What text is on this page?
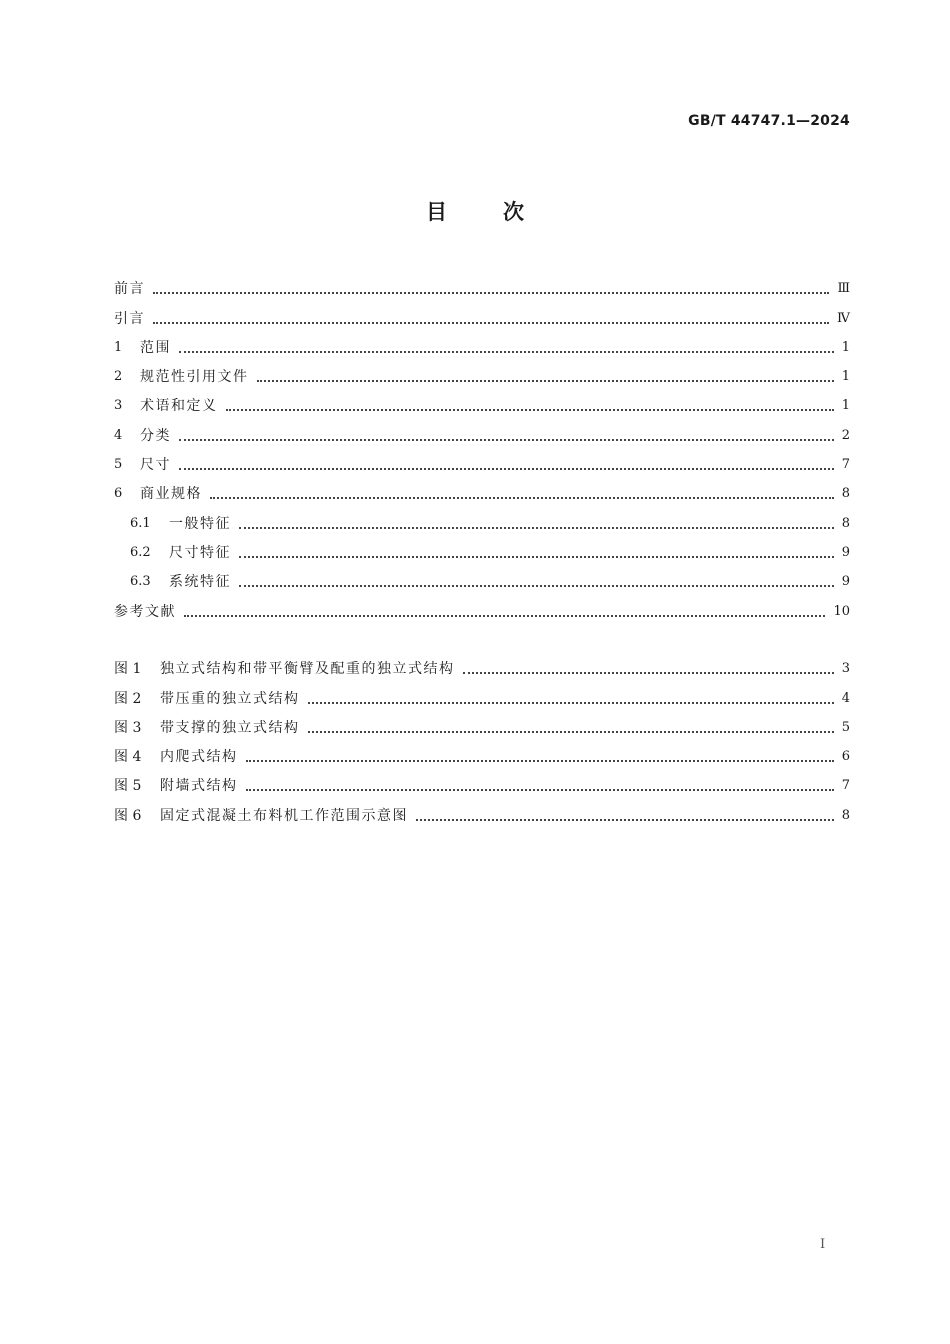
GB/T 44747.1—2024
目次
前言	Ⅲ
引言	Ⅳ
1	范围	1
2	规范性引用文件	1
3	术语和定义	1
4	分类	2
5	尺寸	7
6	商业规格	8
6.1	一般特征	8
6.2	尺寸特征	9
6.3	系统特征	9
参考文献	10
图 1	独立式结构和带平衡臂及配重的独立式结构	3
图 2	带压重的独立式结构	4
图 3	带支撑的独立式结构	5
图 4	内爬式结构	6
图 5	附墙式结构	7
图 6	固定式混凝土布料机工作范围示意图	8
Ⅰ
